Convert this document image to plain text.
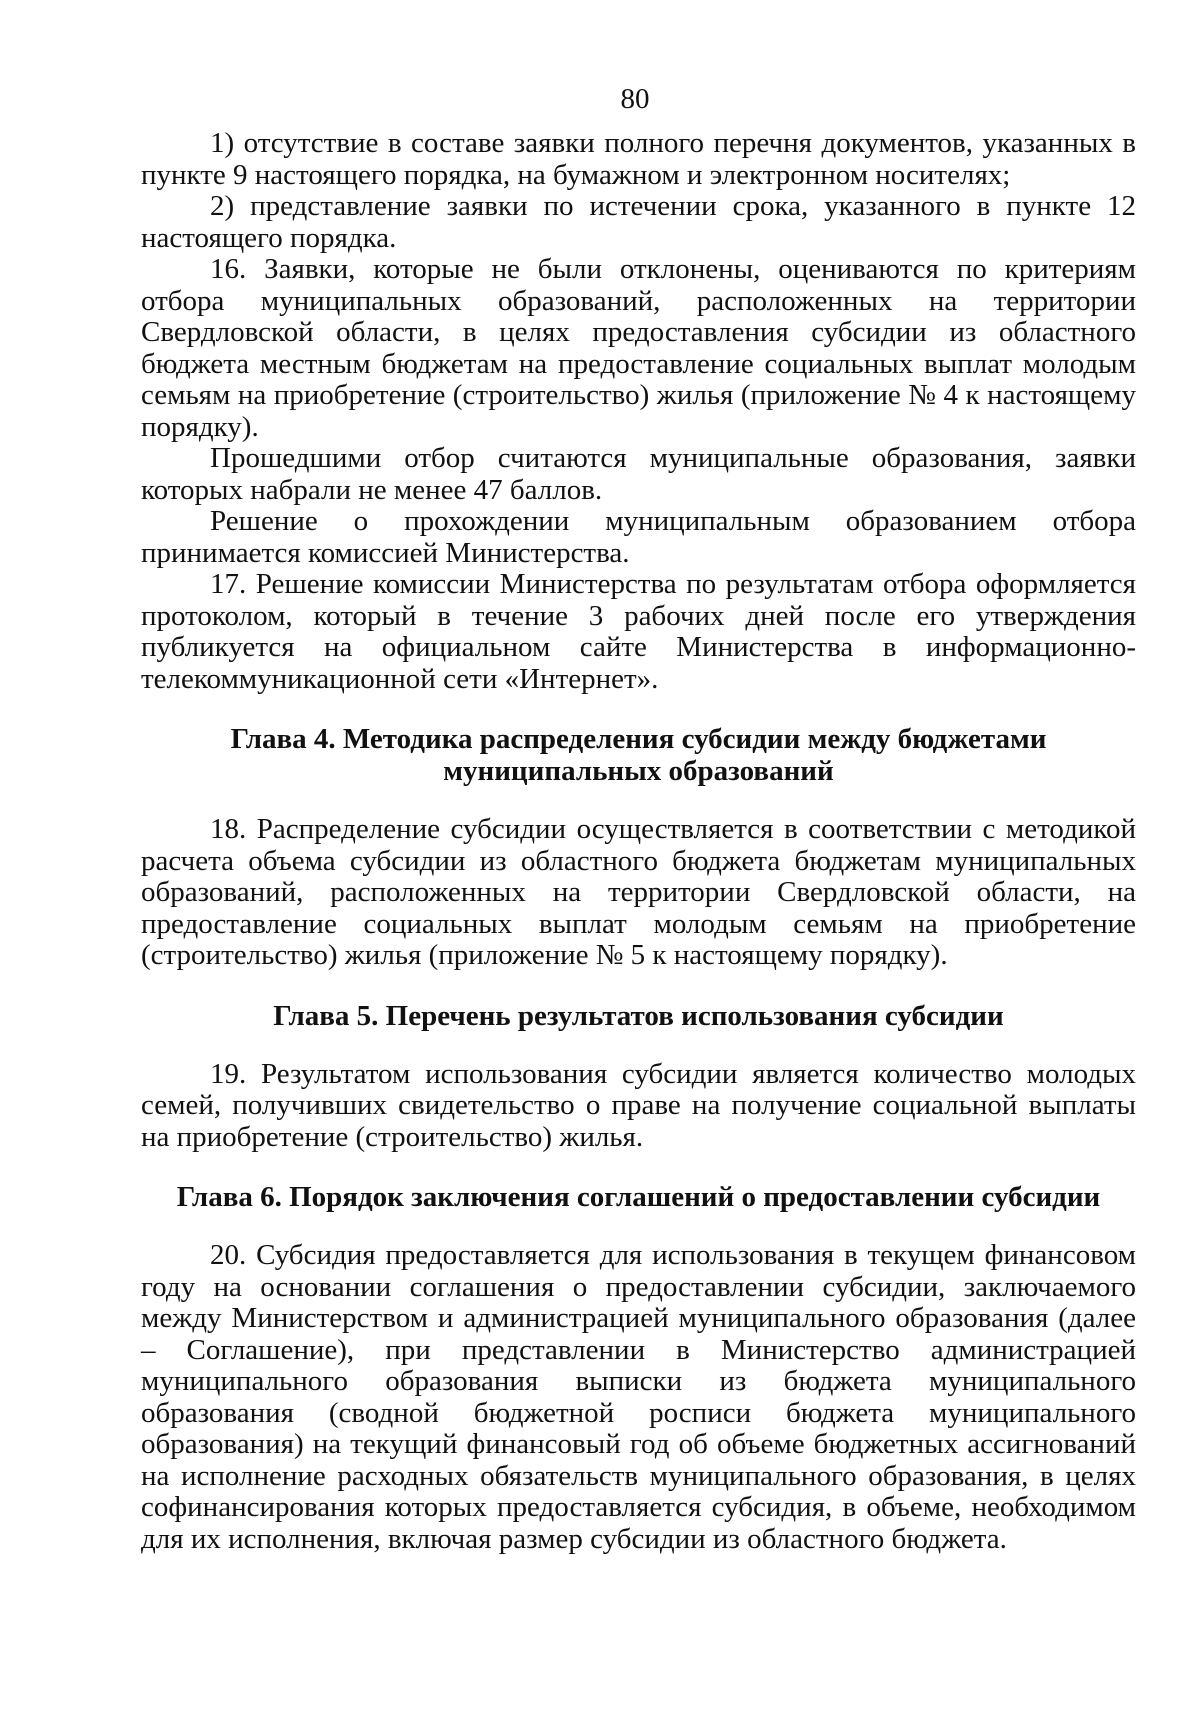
80

1) отсутствие в составе заявки полного перечня документов, указанных в пункте 9 настоящего порядка, на бумажном и электронном носителях;

2) представление заявки по истечении срока, указанного в пункте 12 настоящего порядка.

16. Заявки, которые не были отклонены, оцениваются по критериям отбора муниципальных образований, расположенных на территории Свердловской области, в целях предоставления субсидии из областного бюджета местным бюджетам на предоставление социальных выплат молодым семьям на приобретение (строительство) жилья (приложение № 4 к настоящему порядку).

Прошедшими отбор считаются муниципальные образования, заявки которых набрали не менее 47 баллов.

Решение о прохождении муниципальным образованием отбора принимается комиссией Министерства.

17. Решение комиссии Министерства по результатам отбора оформляется протоколом, который в течение 3 рабочих дней после его утверждения публикуется на официальном сайте Министерства в информационно-телекоммуникационной сети «Интернет».

Глава 4. Методика распределения субсидии между бюджетами муниципальных образований

18. Распределение субсидии осуществляется в соответствии с методикой расчета объема субсидии из областного бюджета бюджетам муниципальных образований, расположенных на территории Свердловской области, на предоставление социальных выплат молодым семьям на приобретение (строительство) жилья (приложение № 5 к настоящему порядку).

Глава 5. Перечень результатов использования субсидии

19. Результатом использования субсидии является количество молодых семей, получивших свидетельство о праве на получение социальной выплаты на приобретение (строительство) жилья.

Глава 6. Порядок заключения соглашений о предоставлении субсидии

20. Субсидия предоставляется для использования в текущем финансовом году на основании соглашения о предоставлении субсидии, заключаемого между Министерством и администрацией муниципального образования (далее – Соглашение), при представлении в Министерство администрацией муниципального образования выписки из бюджета муниципального образования (сводной бюджетной росписи бюджета муниципального образования) на текущий финансовый год об объеме бюджетных ассигнований на исполнение расходных обязательств муниципального образования, в целях софинансирования которых предоставляется субсидия, в объеме, необходимом для их исполнения, включая размер субсидии из областного бюджета.
